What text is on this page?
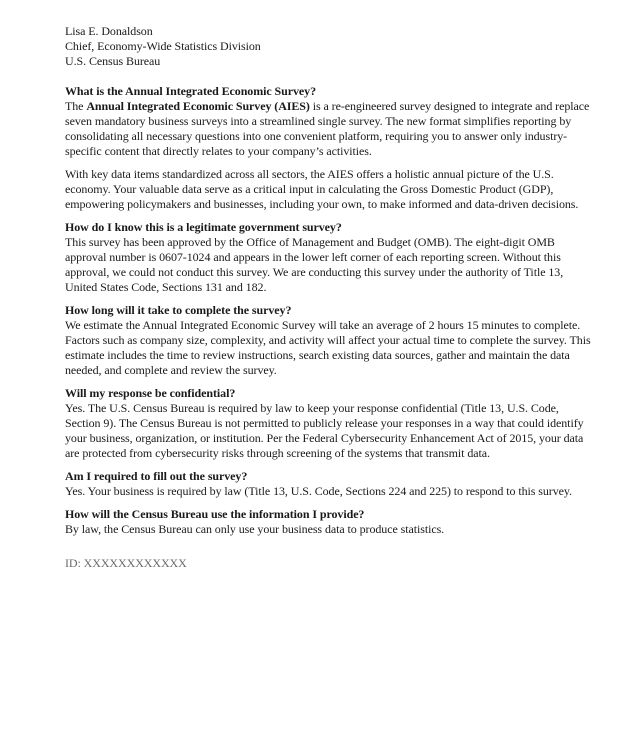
Lisa E. Donaldson
Chief, Economy-Wide Statistics Division
U.S. Census Bureau
What is the Annual Integrated Economic Survey?

The Annual Integrated Economic Survey (AIES) is a re-engineered survey designed to integrate and replace seven mandatory business surveys into a streamlined single survey. The new format simplifies reporting by consolidating all necessary questions into one convenient platform, requiring you to answer only industry-specific content that directly relates to your company’s activities.

With key data items standardized across all sectors, the AIES offers a holistic annual picture of the U.S. economy. Your valuable data serve as a critical input in calculating the Gross Domestic Product (GDP), empowering policymakers and businesses, including your own, to make informed and data-driven decisions.

How do I know this is a legitimate government survey?

This survey has been approved by the Office of Management and Budget (OMB). The eight-digit OMB approval number is 0607-1024 and appears in the lower left corner of each reporting screen. Without this approval, we could not conduct this survey. We are conducting this survey under the authority of Title 13, United States Code, Sections 131 and 182.

How long will it take to complete the survey?

We estimate the Annual Integrated Economic Survey will take an average of 2 hours 15 minutes to complete. Factors such as company size, complexity, and activity will affect your actual time to complete the survey. This estimate includes the time to review instructions, search existing data sources, gather and maintain the data needed, and complete and review the survey.

Will my response be confidential?

Yes. The U.S. Census Bureau is required by law to keep your response confidential (Title 13, U.S. Code, Section 9). The Census Bureau is not permitted to publicly release your responses in a way that could identify your business, organization, or institution. Per the Federal Cybersecurity Enhancement Act of 2015, your data are protected from cybersecurity risks through screening of the systems that transmit data.

Am I required to fill out the survey?

Yes. Your business is required by law (Title 13, U.S. Code, Sections 224 and 225) to respond to this survey.

How will the Census Bureau use the information I provide?

By law, the Census Bureau can only use your business data to produce statistics.

ID: XXXXXXXXXXXX
